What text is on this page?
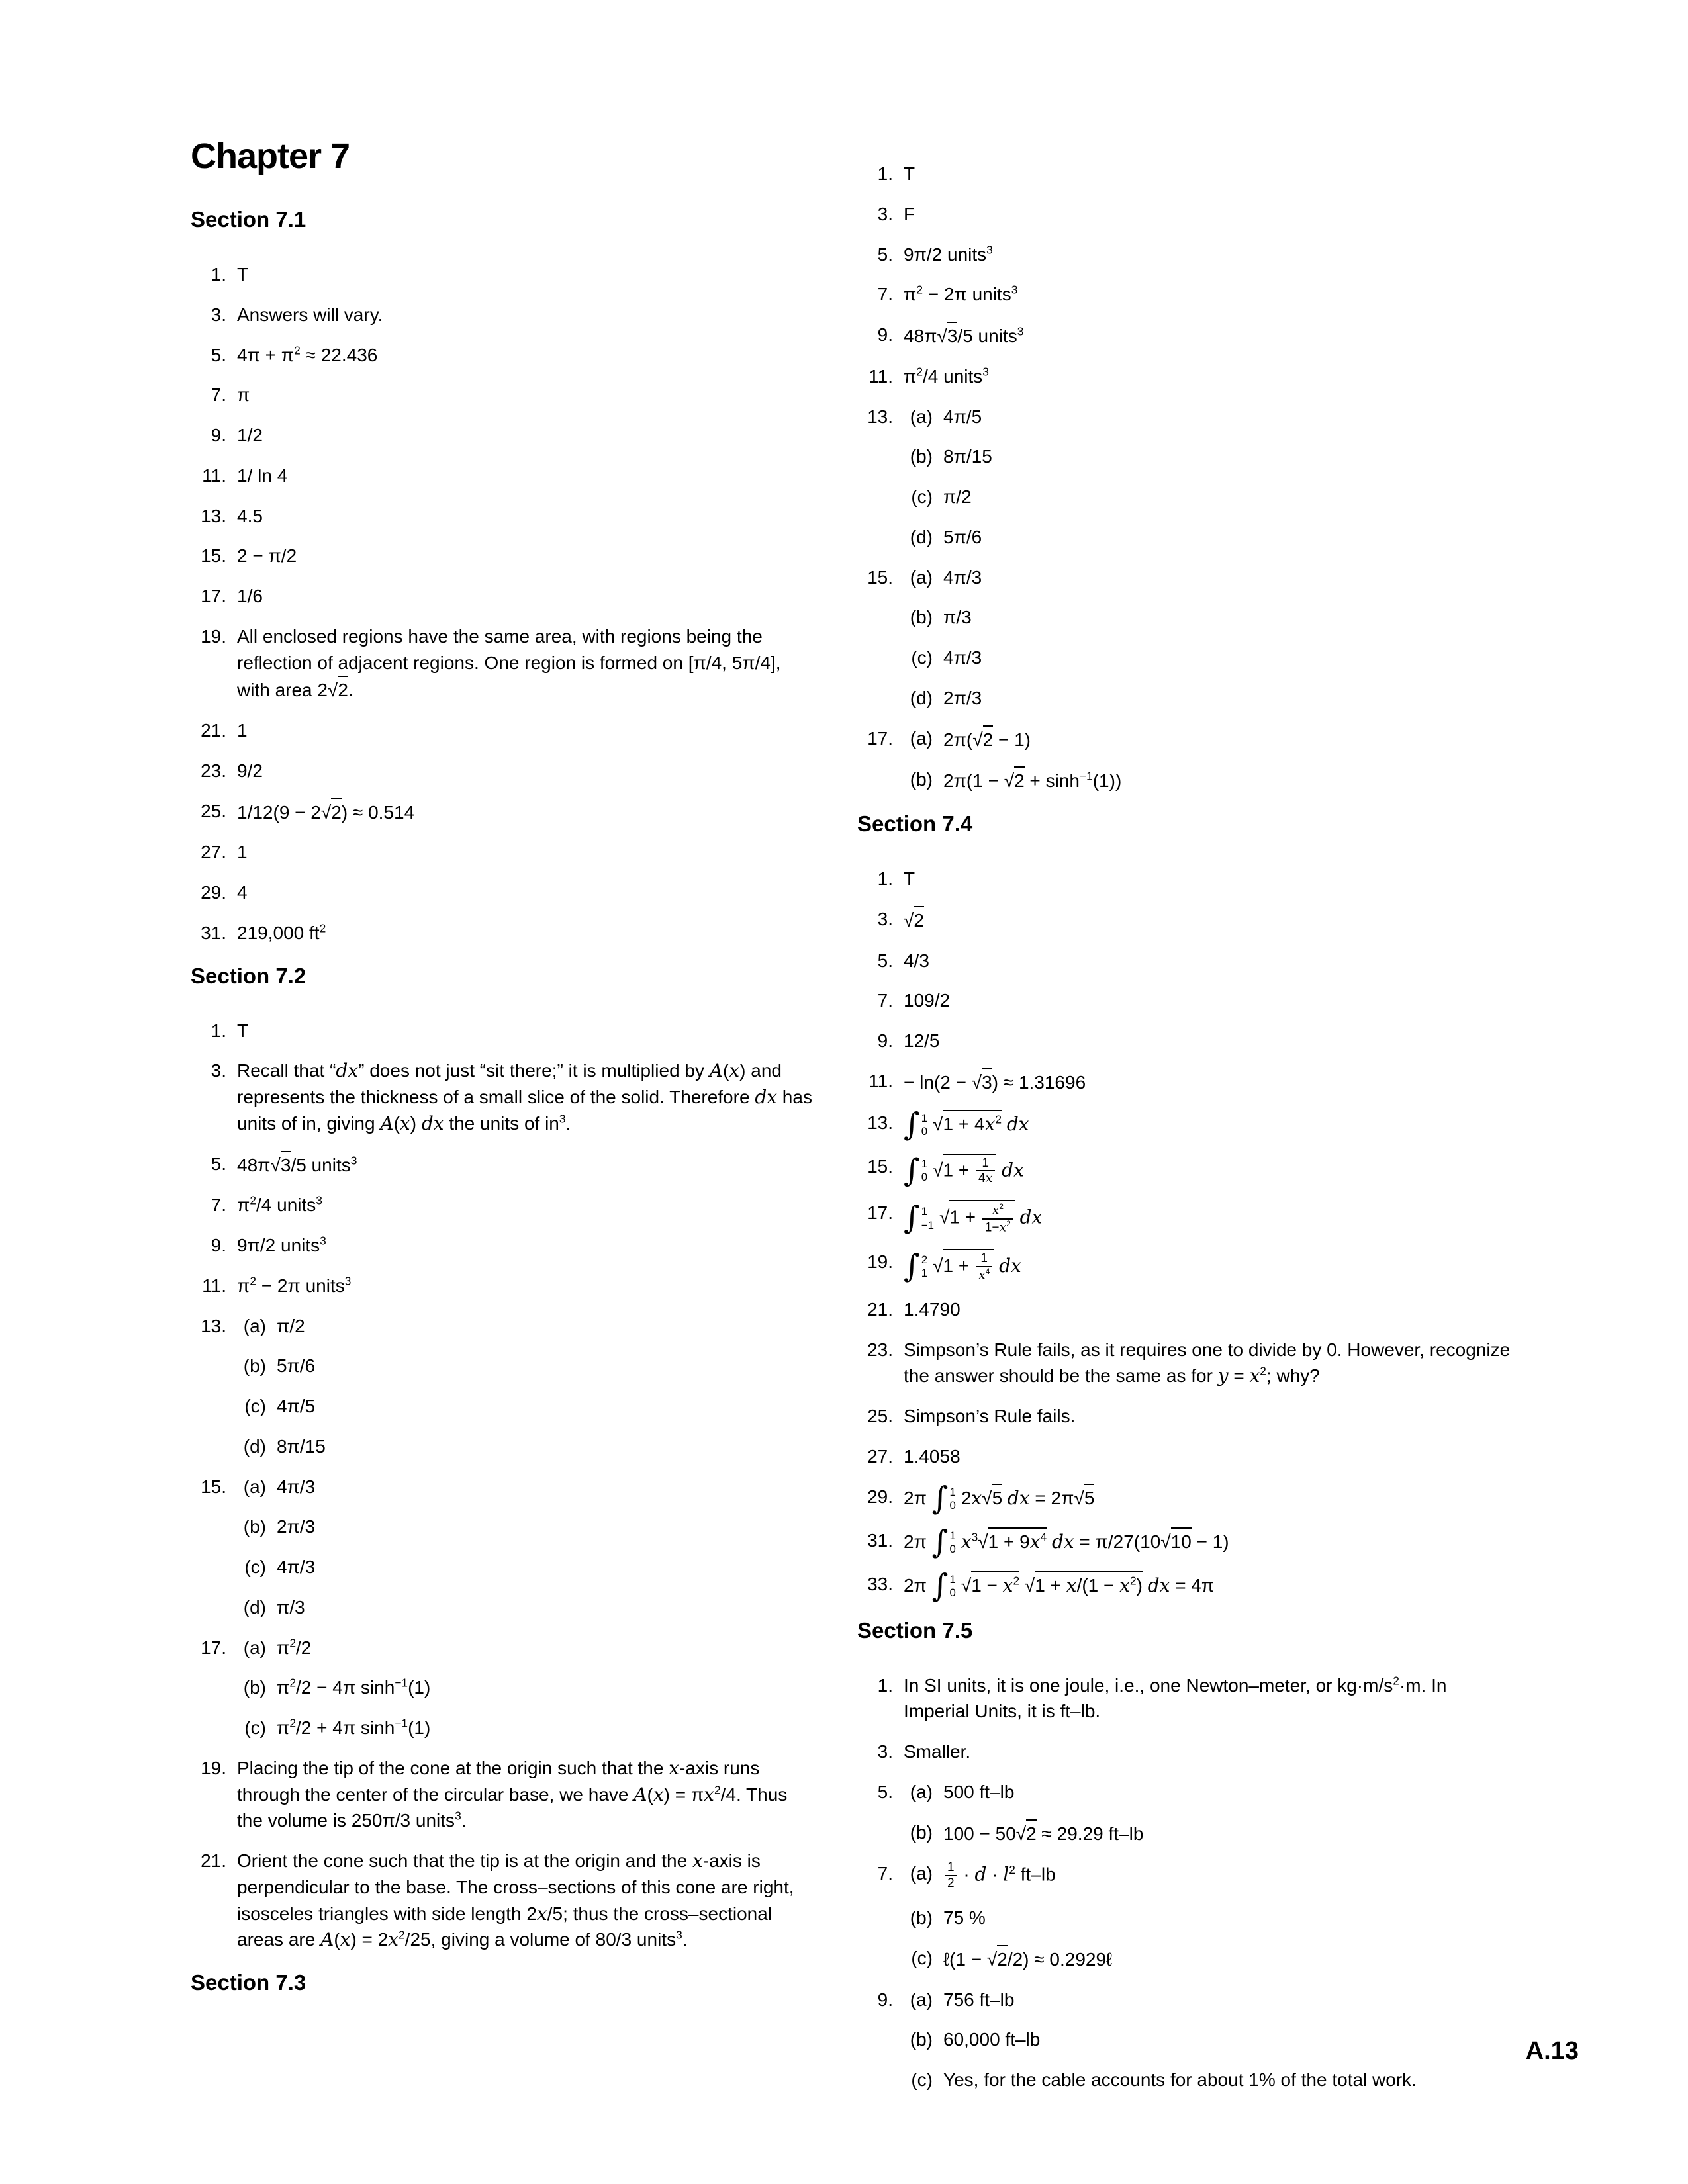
Chapter 7
Section 7.1
1. T
3. Answers will vary.
5. $4\pi + \pi^2 \approx 22.436$
7. π
9. 1/2
11. 1/ ln 4
13. 4.5
15. 2 − π/2
17. 1/6
19. All enclosed regions have the same area, with regions being the reflection of adjacent regions. One region is formed on [π/4, 5π/4], with area 2√2.
21. 1
23. 9/2
25. 1/12(9 − 2√2) ≈ 0.514
27. 1
29. 4
31. 219,000 $ft^2$
Section 7.2
1. T
3. Recall that “dx” does not just “sit there;” it is multiplied by A(x) and represents the thickness of a small slice of the solid. Therefore dx has units of in, giving A(x) dx the units of $in^3$.
5. 48π√3/5 units$^3$
7. $\pi^2/4$ units$^3$
9. 9π/2 units$^3$
11. $\pi^2 - 2\pi$ units$^3$
13. (a) π/2
(b) 5π/6
(c) 4π/5
(d) 8π/15
15. (a) 4π/3
(b) 2π/3
(c) 4π/3
(d) π/3
17. (a) $\pi^2/2$
(b) $\pi^2/2 - 4\pi$ $\sinh^{-1}(1)$
(c) $\pi^2/2 + 4\pi$ $\sinh^{-1}(1)$
19. Placing the tip of the cone at the origin such that the x-axis runs through the center of the circular base, we have $A(x) = \pi x^2/4$. Thus the volume is 250π/3 units$^3$.
21. Orient the cone such that the tip is at the origin and the x-axis is perpendicular to the base. The cross–sections of this cone are right, isosceles triangles with side length 2x/5; thus the cross–sectional areas are $A(x) = 2x^2/25$, giving a volume of 80/3 units$^3$.
Section 7.3
1. T
3. F
5. 9π/2 units$^3$
7. $\pi^2 - 2\pi$ units$^3$
9. 48π√3/5 units$^3$
11. $\pi^2/4$ units$^3$
13. (a) 4π/5
(b) 8π/15
(c) π/2
(d) 5π/6
15. (a) 4π/3
(b) π/3
(c) 4π/3
(d) 2π/3
17. (a) 2π(√2 − 1)
(b) $2\pi(1 - √2 + \sinh^{-1}(1))$
Section 7.4
1. T
3. √2
5. 4/3
7. 109/2
9. 12/5
11. − ln(2 − √3) ≈ 1.31696
13. ∫ 1
0 $√1 + 4x^2$ dx
15. ∫ 1
0 $√1 + \frac{1}{4x}$ dx
17. ∫ 1
−1 $√1 + \frac{x^2}{1-x^2}$ dx
19. ∫ 2
1 $√1 + \frac{1}{x^4}$ dx
21. 1.4790
23. Simpson’s Rule fails, as it requires one to divide by 0. However, recognize the answer should be the same as for $y = x^2$; why?
25. Simpson’s Rule fails.
27. 1.4058
29. 2π ∫ 1
0 2x√5 dx = 2π√5
31. 2π ∫ 1
0 $x^3√1 + 9x^4$ dx = π/27(10√10 − 1)
33. 2π ∫ 1
0 $√1 - x^2$ $√1 + x/(1 - x^2)$ dx = 4π
Section 7.5
1. In SI units, it is one joule, i.e., one Newton–meter, or $kg\cdot m/s^2\cdot m$. In Imperial Units, it is ft–lb.
3. Smaller.
5. (a) 500 ft–lb
(b) 100 − 50√2 ≈ 29.29 ft–lb
7. $(a) \frac{1}{2} \cdot d \cdot l^2$ ft–lb
(b) 75 %
(c) ℓ(1 − √2/2) ≈ 0.2929ℓ
9. (a) 756 ft–lb
(b) 60,000 ft–lb
(c) Yes, for the cable accounts for about 1% of the total work.
A.13
